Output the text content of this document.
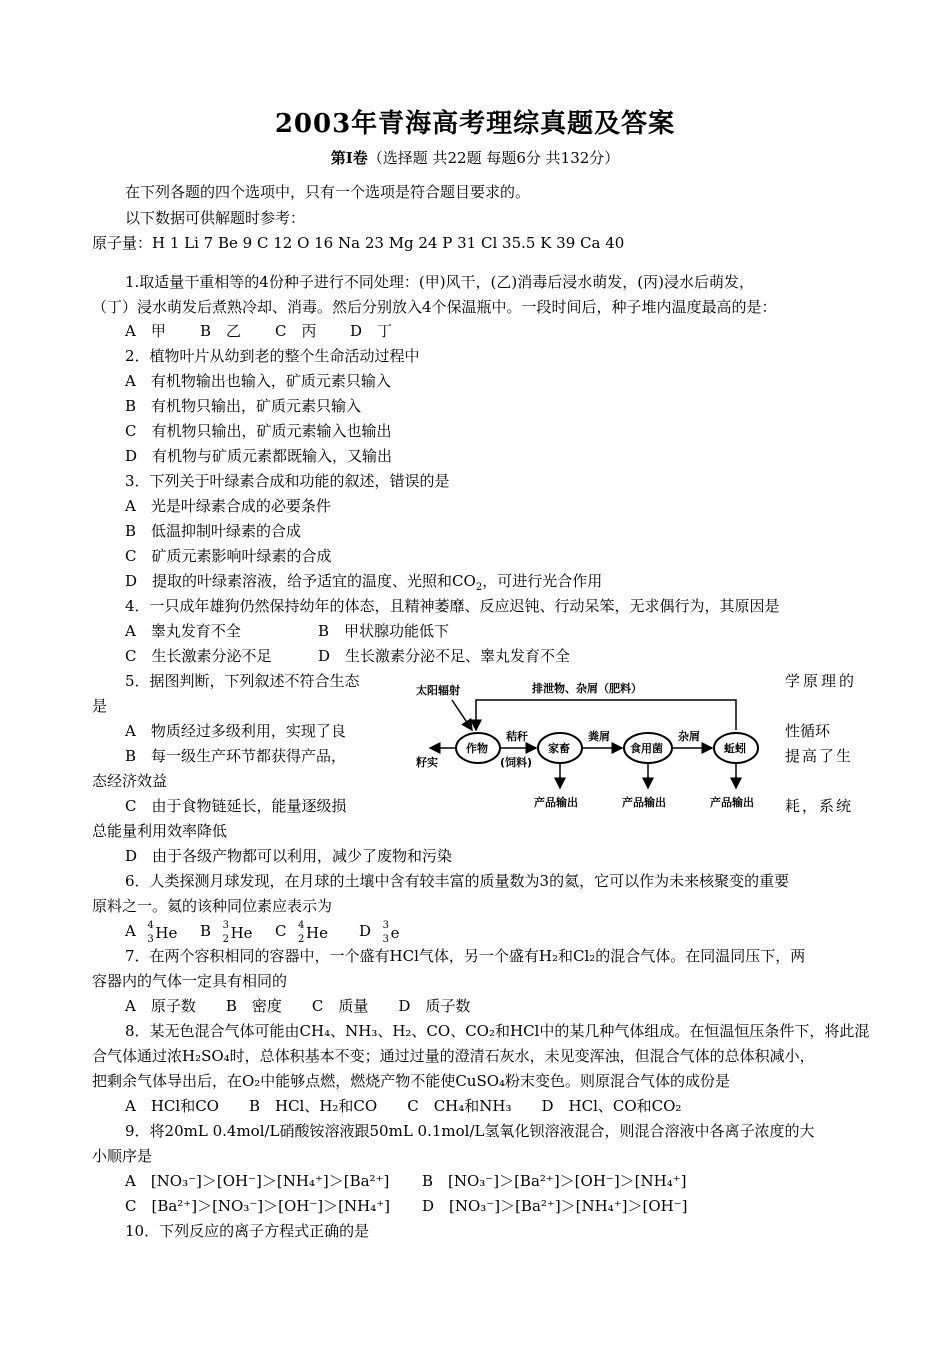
2003年青海高考理综真题及答案
第Ⅰ卷（选择题 共22题 每题6分 共132分）
在下列各题的四个选项中，只有一个选项是符合题目要求的。
以下数据可供解题时参考：
原子量：H 1 Li 7 Be 9 C 12 O 16 Na 23 Mg 24 P 31 Cl 35.5 K 39 Ca 40
1.取适量干重相等的4份种子进行不同处理：(甲)风干，(乙)消毒后浸水萌发，(丙)浸水后萌发，
（丁）浸水萌发后煮熟冷却、消毒。然后分别放入4个保温瓶中。一段时间后，种子堆内温度最高的是：
A　甲 B　乙 C　丙 D　丁
2．植物叶片从幼到老的整个生命活动过程中
A　有机物输出也输入，矿质元素只输入
B　有机物只输出，矿质元素只输入
C　有机物只输出，矿质元素输入也输出
D　有机物与矿质元素都既输入，又输出
3．下列关于叶绿素合成和功能的叙述，错误的是
A　光是叶绿素合成的必要条件
B　低温抑制叶绿素的合成
C　矿质元素影响叶绿素的合成
D　提取的叶绿素溶液，给予适宜的温度、光照和$CO_2$，可进行光合作用
4．一只成年雄狗仍然保持幼年的体态，且精神萎靡、反应迟钝、行动呆笨，无求偶行为，其原因是
A　睾丸发育不全	B　甲状腺功能低下
C　生长激素分泌不足	D　生长激素分泌不足、睾丸发育不全
5．据图判断，下列叙述不符合生态	学原理的
是
A　物质经过多级利用，实现了良	性循环
B　每一级生产环节都获得产品，	提高了生
态经济效益
C　由于食物链延长，能量逐级损	耗，系统
总能量利用效率降低
D　由于各级产物都可以利用，减少了废物和污染
太阳辐射	排泄物、杂屑（肥料）
作物	家畜	食用菌	蚯蚓
秸秆
(饲料)
粪屑	杂屑
籽实
产品输出	产品输出	产品输出
6．人类探测月球发现，在月球的土壤中含有较丰富的质量数为3的氦，它可以作为未来核聚变的重要
原料之一。氦的该种同位素应表示为
A 4
3 He B 3
2 He C 4
2 He D 3
3 e
7．在两个容积相同的容器中，一个盛有HCl气体，另一个盛有H₂和Cl₂的混合气体。在同温同压下，两
容器内的气体一定具有相同的
A　原子数　　B　密度　　C　质量　　D　质子数
8．某无色混合气体可能由CH₄、NH₃、H₂、CO、CO₂和HCl中的某几种气体组成。在恒温恒压条件下，将此混
合气体通过浓H₂SO₄时，总体积基本不变；通过过量的澄清石灰水，未见变浑浊，但混合气体的总体积减小，
把剩余气体导出后，在O₂中能够点燃，燃烧产物不能使CuSO₄粉末变色。则原混合气体的成份是
A　HCl和CO　　B　HCl、H₂和CO　　C　CH₄和NH₃　　D　HCl、CO和CO₂
9．将20mL 0.4mol/L硝酸铵溶液跟50mL 0.1mol/L氢氧化钡溶液混合，则混合溶液中各离子浓度的大
小顺序是
A　[NO₃⁻]＞[OH⁻]＞[NH₄⁺]＞[Ba²⁺] B　[NO₃⁻]＞[Ba²⁺]＞[OH⁻]＞[NH₄⁺]
C　[Ba²⁺]＞[NO₃⁻]＞[OH⁻]＞[NH₄⁺] D　[NO₃⁻]＞[Ba²⁺]＞[NH₄⁺]＞[OH⁻]
10．下列反应的离子方程式正确的是
